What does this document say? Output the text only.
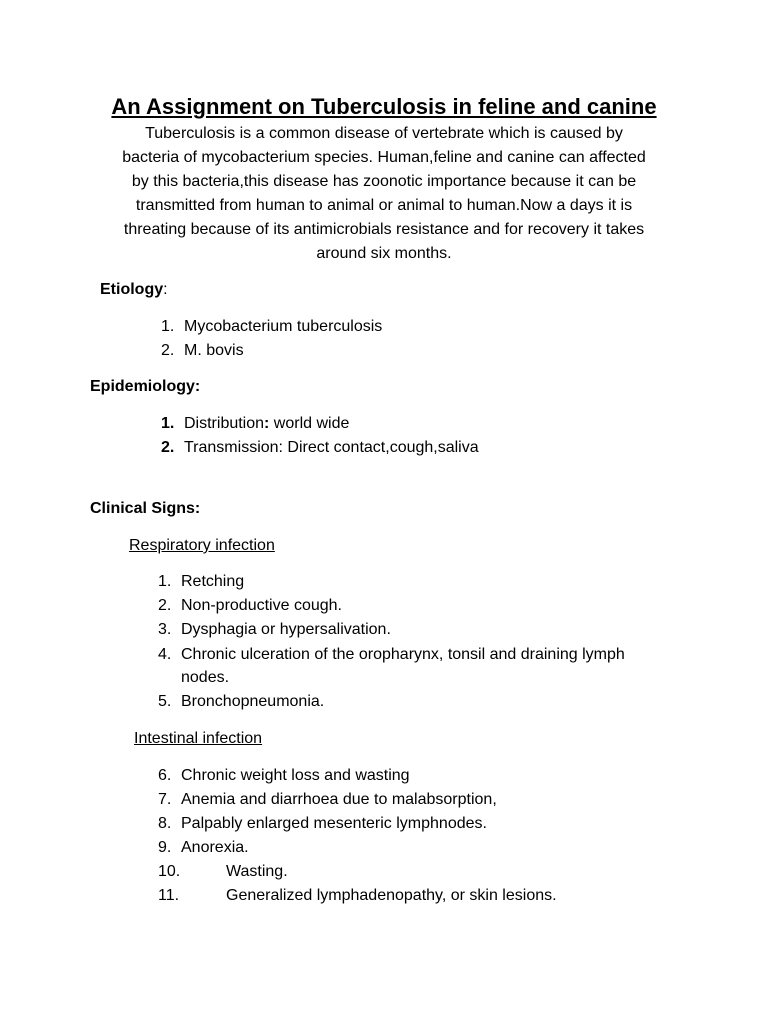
An Assignment on Tuberculosis in feline and canine
Tuberculosis is a common disease of vertebrate which is caused by
bacteria of mycobacterium species. Human,feline and canine can affected
by this bacteria,this disease has zoonotic importance because it can be
transmitted from human to animal or animal to human.Now a days it is
threating because of its antimicrobials resistance and for recovery it takes
around six months.
Etiology:
1. Mycobacterium tuberculosis
2. M. bovis
Epidemiology:
1. Distribution: world wide
2. Transmission: Direct contact,cough,saliva
Clinical Signs:
Respiratory infection
1. Retching
2. Non-productive cough.
3. Dysphagia or hypersalivation.
4. Chronic ulceration of the oropharynx, tonsil and draining lymph
nodes.
5. Bronchopneumonia.
Intestinal infection
6. Chronic weight loss and wasting
7. Anemia and diarrhoea due to malabsorption,
8. Palpably enlarged mesenteric lymphnodes.
9. Anorexia.
10.	Wasting.
11.	Generalized lymphadenopathy, or skin lesions.
